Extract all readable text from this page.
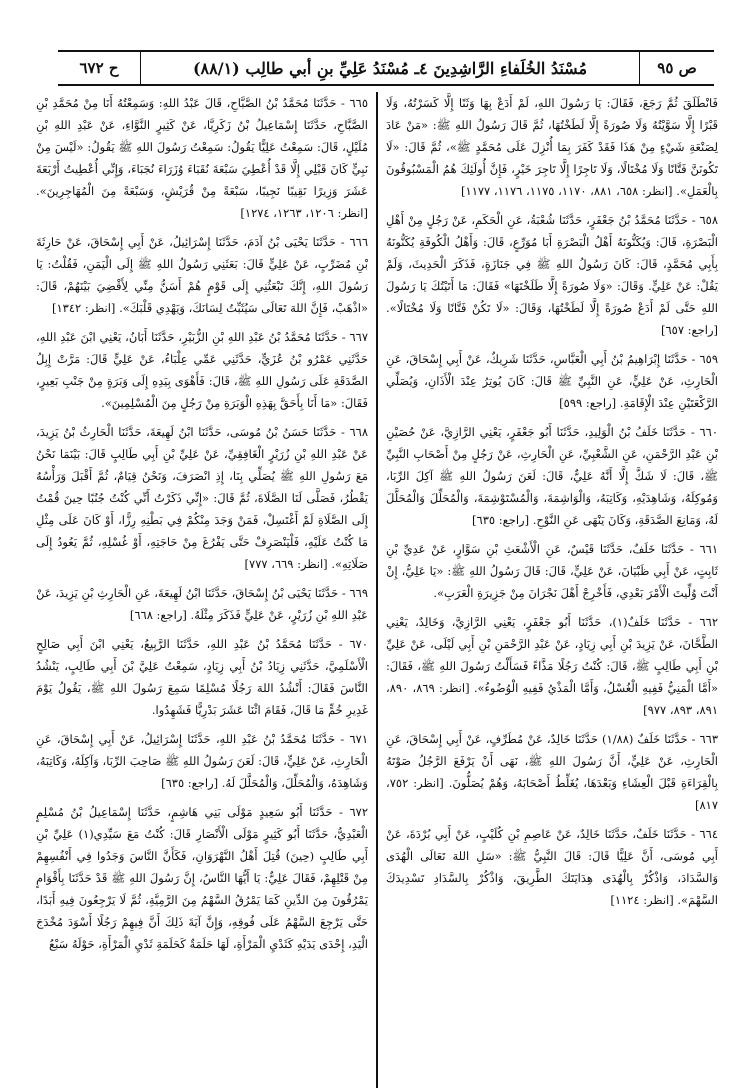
ص ٩٥
مُسْنَدُ الخُلَفاءِ الرَّاشِدِينَ ٤ـ مُسْنَدُ عَلِيِّ بنِ أبي طالِب (٨٨/١)
ح ٦٧٢

فَانْطَلَقَ ثُمَّ رَجَعَ، فَقَالَ: يَا رَسُولَ اللهِ، لَمْ أَدَعْ بِهَا وَثَنًا إِلَّا كَسَرْتُهُ، وَلَا قَبْرًا إِلَّا سَوَّيْتُهُ وَلَا صُورَةً إِلَّا لَطَخْتُهَا، ثُمَّ قَالَ رَسُولُ اللهِ ﷺ: «مَنْ عَادَ لِصَنْعَةِ شَيْءٍ مِنْ هَذَا فَقَدْ كَفَرَ بِمَا أُنْزِلَ عَلَى مُحَمَّدٍ ﷺ»، ثُمَّ قَالَ: «لَا تَكُونَنَّ فَتَّانًا وَلَا مُخْتَالًا، وَلَا تَاجِرًا إِلَّا تَاجِرَ خَيْرٍ، فَإِنَّ أُولَئِكَ هُمُ الْمَسْبُوقُونَ بِالْعَمَلِ». [انظر: ٦٥٨، ٨٨١، ١١٧٠، ١١٧٥، ١١٧٦، ١١٧٧]

٦٥٨ - حَدَّثَنَا مُحَمَّدُ بْنُ جَعْفَرٍ، حَدَّثَنَا شُعْبَةُ، عَنِ الْحَكَمِ، عَنْ رَجُلٍ مِنْ أَهْلِ الْبَصْرَةِ، قَالَ: وَيُكَنُّونَهُ أَهْلُ الْبَصْرَةِ أَبَا مُوَرِّعٍ، قَالَ: وَأَهْلُ الْكُوفَةِ يُكَنُّونَهُ بِأَبِي مُحَمَّدٍ، قَالَ: كَانَ رَسُولُ اللهِ ﷺ فِي جَنَازَةٍ، فَذَكَرَ الْحَدِيثَ، وَلَمْ يَقُلْ: عَنْ عَلِيٍّ. وَقَالَ: «وَلَا صُورَةً إِلَّا طَلَخْتَهَا» فَقَالَ: مَا أَتَيْتُكَ يَا رَسُولَ اللهِ حَتَّى لَمْ أَدَعْ صُورَةً إِلَّا لَطَخْتُهَا، وَقَالَ: «لَا تَكُنْ فَتَّانًا وَلَا مُخْتَالًا». [راجع: ٦٥٧]

٦٥٩ - حَدَّثَنَا إِبْرَاهِيمُ بْنُ أَبِي الْعَبَّاسِ، حَدَّثَنَا شَرِيكٌ، عَنْ أَبِي إِسْحَاقَ، عَنِ الْحَارِثِ، عَنْ عَلِيٍّ، عَنِ النَّبِيِّ ﷺ قَالَ: كَانَ يُوتِرُ عِنْدَ الْأَذَانِ، وَيُصَلِّي الرَّكْعَتَيْنِ عِنْدَ الْإِقَامَةِ. [راجع: ٥٩٩]

٦٦٠ - حَدَّثَنَا خَلَفُ بْنُ الْوَلِيدِ، حَدَّثَنَا أَبُو جَعْفَرٍ، يَعْنِي الرَّازِيَّ، عَنْ حُصَيْنِ بْنِ عَبْدِ الرَّحْمَنِ، عَنِ الشَّعْبِيِّ، عَنِ الْحَارِثِ، عَنْ رَجُلٍ مِنْ أَصْحَابِ النَّبِيِّ ﷺ، قَالَ: لَا شَكَّ إِلَّا أَنَّهُ عَلِيٌّ، قَالَ: لَعَنَ رَسُولُ اللهِ ﷺ آكِلَ الرِّبَا، وَمُوكِلَهُ، وَشَاهِدَيْهِ، وَكَاتِبَهُ، وَالْوَاشِمَةَ، وَالْمُسْتَوْشِمَةَ، وَالْمُحَلِّلَ وَالْمُحَلَّلَ لَهُ، وَمَانِعَ الصَّدَقَةِ، وَكَانَ يَنْهَى عَنِ النَّوْحِ. [راجع: ٦٣٥]

٦٦١ - حَدَّثَنَا خَلَفٌ، حَدَّثَنَا قَيْسٌ، عَنِ الْأَشْعَثِ بْنِ سَوَّارٍ، عَنْ عَدِيِّ بْنِ ثَابِتٍ، عَنْ أَبِي ظَبْيَانَ، عَنْ عَلِيٍّ، قَالَ: قَالَ رَسُولُ اللهِ ﷺ: «يَا عَلِيُّ، إِنْ أَنْتَ وُلِّيتَ الْأَمْرَ بَعْدِي، فَأَخْرِجْ أَهْلَ نَجْرَانَ مِنْ جَزِيرَةِ الْعَرَبِ».

٦٦٢ - حَدَّثَنَا خَلَفٌ(١)، حَدَّثَنَا أَبُو جَعْفَرٍ، يَعْنِي الرَّازِيَّ، وَخَالِدٌ، يَعْنِي الطَّحَّانَ، عَنْ يَزِيدَ بْنِ أَبِي زِيَادٍ، عَنْ عَبْدِ الرَّحْمَنِ بْنِ أَبِي لَيْلَى، عَنْ عَلِيِّ بْنِ أَبِي طَالِبٍ ﷺ، قَالَ: كُنْتُ رَجُلًا مَذَّاءً فَسَأَلْتُ رَسُولَ اللهِ ﷺ، فَقَالَ: «أَمَّا الْمَنِيُّ فَفِيهِ الْغُسْلُ، وَأَمَّا الْمَذْيُ فَفِيهِ الْوُضُوءُ». [انظر: ٨٦٩، ٨٩٠، ٨٩١، ٨٩٣، ٩٧٧]

٦٦٣ - حَدَّثَنَا خَلَفٌ (١/٨٨) حَدَّثَنَا خَالِدٌ، عَنْ مُطَرِّفٍ، عَنْ أَبِي إِسْحَاقَ، عَنِ الْحَارِثِ، عَنْ عَلِيٍّ، أَنَّ رَسُولَ اللهِ ﷺ، نَهَى أَنْ يَرْفَعَ الرَّجُلُ صَوْتَهُ بِالْقِرَاءَةِ قَبْلَ الْعِشَاءِ وَبَعْدَهَا، يُغَلِّطُ أَصْحَابَهُ، وَهُمْ يُصَلُّونَ. [انظر: ٧٥٢، ٨١٧]

٦٦٤ - حَدَّثَنَا خَلَفٌ، حَدَّثَنَا خَالِدٌ، عَنْ عَاصِمِ بْنِ كُلَيْبٍ، عَنْ أَبِي بُرْدَةَ، عَنْ أَبِي مُوسَى، أَنَّ عَلِيًّا قَالَ: قَالَ النَّبِيُّ ﷺ: «سَلِ اللهَ تَعَالَى الْهُدَى وَالسَّدَادَ، وَاذْكُرْ بِالْهُدَى هِدَايَتَكَ الطَّرِيقَ، وَاذْكُرْ بِالسَّدَادِ تَسْدِيدَكَ السَّهْمَ». [انظر: ١١٢٤]

٦٦٥ - حَدَّثَنَا مُحَمَّدُ بْنُ الصَّبَّاحِ، قَالَ عَبْدُ اللهِ: وَسَمِعْتُهُ أَنَا مِنْ مُحَمَّدِ بْنِ الصَّبَّاحِ، حَدَّثَنَا إِسْمَاعِيلُ بْنُ زَكَرِيَّا، عَنْ كَثِيرٍ النَّوَّاءِ، عَنْ عَبْدِ اللهِ بْنِ مُلَيْلٍ، قَالَ: سَمِعْتُ عَلِيًّا يَقُولُ: سَمِعْتُ رَسُولَ اللهِ ﷺ يَقُولُ: «لَيْسَ مِنْ نَبِيٍّ كَانَ قَبْلِي إِلَّا قَدْ أُعْطِيَ سَبْعَةَ نُقَبَاءَ وُزَرَاءَ نُجَبَاءَ، وَإِنِّي أُعْطِيتُ أَرْبَعَةَ عَشَرَ وَزِيرًا نَقِيبًا نَجِيبًا، سَبْعَةً مِنْ قُرَيْشٍ، وَسَبْعَةً مِنَ الْمُهَاجِرِينَ». [انظر: ١٢٠٦، ١٢٦٣، ١٢٧٤]

٦٦٦ - حَدَّثَنَا يَحْيَى بْنُ آدَمَ، حَدَّثَنَا إِسْرَائِيلُ، عَنْ أَبِي إِسْحَاقَ، عَنْ حَارِثَةَ بْنِ مُضَرِّبٍ، عَنْ عَلِيٍّ قَالَ: بَعَثَنِي رَسُولُ اللهِ ﷺ إِلَى الْيَمَنِ، فَقُلْتُ: يَا رَسُولَ اللهِ، إِنَّكَ تَبْعَثُنِي إِلَى قَوْمٍ هُمْ أَسَنُّ مِنِّي لِأَقْضِيَ بَيْنَهُمْ، قَالَ: «اذْهَبْ، فَإِنَّ اللهَ تَعَالَى سَيُثَبِّتُ لِسَانَكَ، وَيَهْدِي قَلْبَكَ». [انظر: ١٣٤٢]

٦٦٧ - حَدَّثَنَا مُحَمَّدُ بْنُ عَبْدِ اللهِ بْنِ الزُّبَيْرِ، حَدَّثَنَا أَبَانُ، يَعْنِي ابْنَ عَبْدِ اللهِ، حَدَّثَنِي عَمْرُو بْنُ عُزَيٍّ، حَدَّثَنِي عَمِّي عِلْبَاءُ، عَنْ عَلِيٍّ قَالَ: مَرَّتْ إِبِلُ الصَّدَقَةِ عَلَى رَسُولِ اللهِ ﷺ، قَالَ: فَأَهْوَى بِيَدِهِ إِلَى وَبَرَةٍ مِنْ جَنْبِ بَعِيرٍ، فَقَالَ: «مَا أَنَا بِأَحَقَّ بِهَذِهِ الْوَبَرَةِ مِنْ رَجُلٍ مِنَ الْمُسْلِمِينَ».

٦٦٨ - حَدَّثَنَا حَسَنُ بْنُ مُوسَى، حَدَّثَنَا ابْنُ لَهِيعَةَ، حَدَّثَنَا الْحَارِثُ بْنُ يَزِيدَ، عَنْ عَبْدِ اللهِ بْنِ زُرَيْرٍ الْغَافِقِيِّ، عَنْ عَلِيِّ بْنِ أَبِي طَالِبٍ قَالَ: بَيْنَمَا نَحْنُ مَعَ رَسُولِ اللهِ ﷺ يُصَلِّي بِنَا، إِذِ انْصَرَفَ، وَنَحْنُ قِيَامٌ، ثُمَّ أَقْبَلَ وَرَأْسُهُ يَقْطُرُ، فَصَلَّى لَنَا الصَّلَاةَ، ثُمَّ قَالَ: «إِنِّي ذَكَرْتُ أَنِّي كُنْتُ جُنُبًا حِينَ قُمْتُ إِلَى الصَّلَاةِ لَمْ أَغْتَسِلْ، فَمَنْ وَجَدَ مِنْكُمْ فِي بَطْنِهِ رِزًّا، أَوْ كَانَ عَلَى مِثْلِ مَا كُنْتُ عَلَيْهِ، فَلْيَنْصَرِفْ حَتَّى يَفْرُغَ مِنْ حَاجَتِهِ، أَوْ غُسْلِهِ، ثُمَّ يَعُودُ إِلَى صَلَاتِهِ». [انظر: ٦٦٩، ٧٧٧]

٦٦٩ - حَدَّثَنَا يَحْيَى بْنُ إِسْحَاقَ، حَدَّثَنَا ابْنُ لَهِيعَةَ، عَنِ الْحَارِثِ بْنِ يَزِيدَ، عَنْ عَبْدِ اللهِ بْنِ زُرَيْرٍ، عَنْ عَلِيٍّ فَذَكَرَ مِثْلَهُ. [راجع: ٦٦٨]

٦٧٠ - حَدَّثَنَا مُحَمَّدُ بْنُ عَبْدِ اللهِ، حَدَّثَنَا الرَّبِيعُ، يَعْنِي ابْنَ أَبِي صَالِحٍ الْأَسْلَمِيَّ، حَدَّثَنِي زِيَادُ بْنُ أَبِي زِيَادٍ، سَمِعْتُ عَلِيَّ بْنَ أَبِي طَالِبٍ، يَنْشُدُ النَّاسَ فَقَالَ: أَنْشُدُ اللهَ رَجُلًا مُسْلِمًا سَمِعَ رَسُولَ اللهِ ﷺ، يَقُولُ يَوْمَ غَدِيرِ خُمٍّ مَا قَالَ، فَقَامَ اثْنَا عَشَرَ بَدْرِيًّا فَشَهِدُوا.

٦٧١ - حَدَّثَنَا مُحَمَّدُ بْنُ عَبْدِ اللهِ، حَدَّثَنَا إِسْرَائِيلُ، عَنْ أَبِي إِسْحَاقَ، عَنِ الْحَارِثِ، عَنْ عَلِيٍّ، قَالَ: لَعَنَ رَسُولُ اللهِ ﷺ صَاحِبَ الرِّبَا، وَآكِلَهُ، وَكَاتِبَهُ، وَشَاهِدَهُ، وَالْمُحَلِّلَ، وَالْمُحَلَّلَ لَهُ. [راجع: ٦٣٥]

٦٧٢ - حَدَّثَنَا أَبُو سَعِيدٍ مَوْلَى بَنِي هَاشِمٍ، حَدَّثَنَا إِسْمَاعِيلُ بْنُ مُسْلِمٍ الْعَبْدِيُّ، حَدَّثَنَا أَبُو كَثِيرٍ مَوْلَى الْأَنْصَارِ قَالَ: كُنْتُ مَعَ سَيِّدِي(١) عَلِيِّ بْنِ أَبِي طَالِبٍ (حِينَ) قُتِلَ أَهْلُ النَّهْرَوَانِ، فَكَأَنَّ النَّاسَ وَجَدُوا فِي أَنْفُسِهِمْ مِنْ قَتْلِهِمْ، فَقَالَ عَلِيٌّ: يَا أَيُّهَا النَّاسُ، إِنَّ رَسُولَ اللهِ ﷺ قَدْ حَدَّثَنَا بِأَقْوَامٍ يَمْرُقُونَ مِنَ الدِّينِ كَمَا يَمْرُقُ السَّهْمُ مِنَ الرَّمِيَّةِ، ثُمَّ لَا يَرْجِعُونَ فِيهِ أَبَدًا، حَتَّى يَرْجِعَ السَّهْمُ عَلَى فُوقِهِ، وَإِنَّ آيَةَ ذَلِكَ أَنَّ فِيهِمْ رَجُلًا أَسْوَدَ مُخْدَجَ الْيَدِ، إِحْدَى يَدَيْهِ كَثَدْيِ الْمَرْأَةِ، لَهَا حَلَمَةٌ كَحَلَمَةِ ثَدْيِ الْمَرْأَةِ، حَوْلَهُ سَبْعُ
